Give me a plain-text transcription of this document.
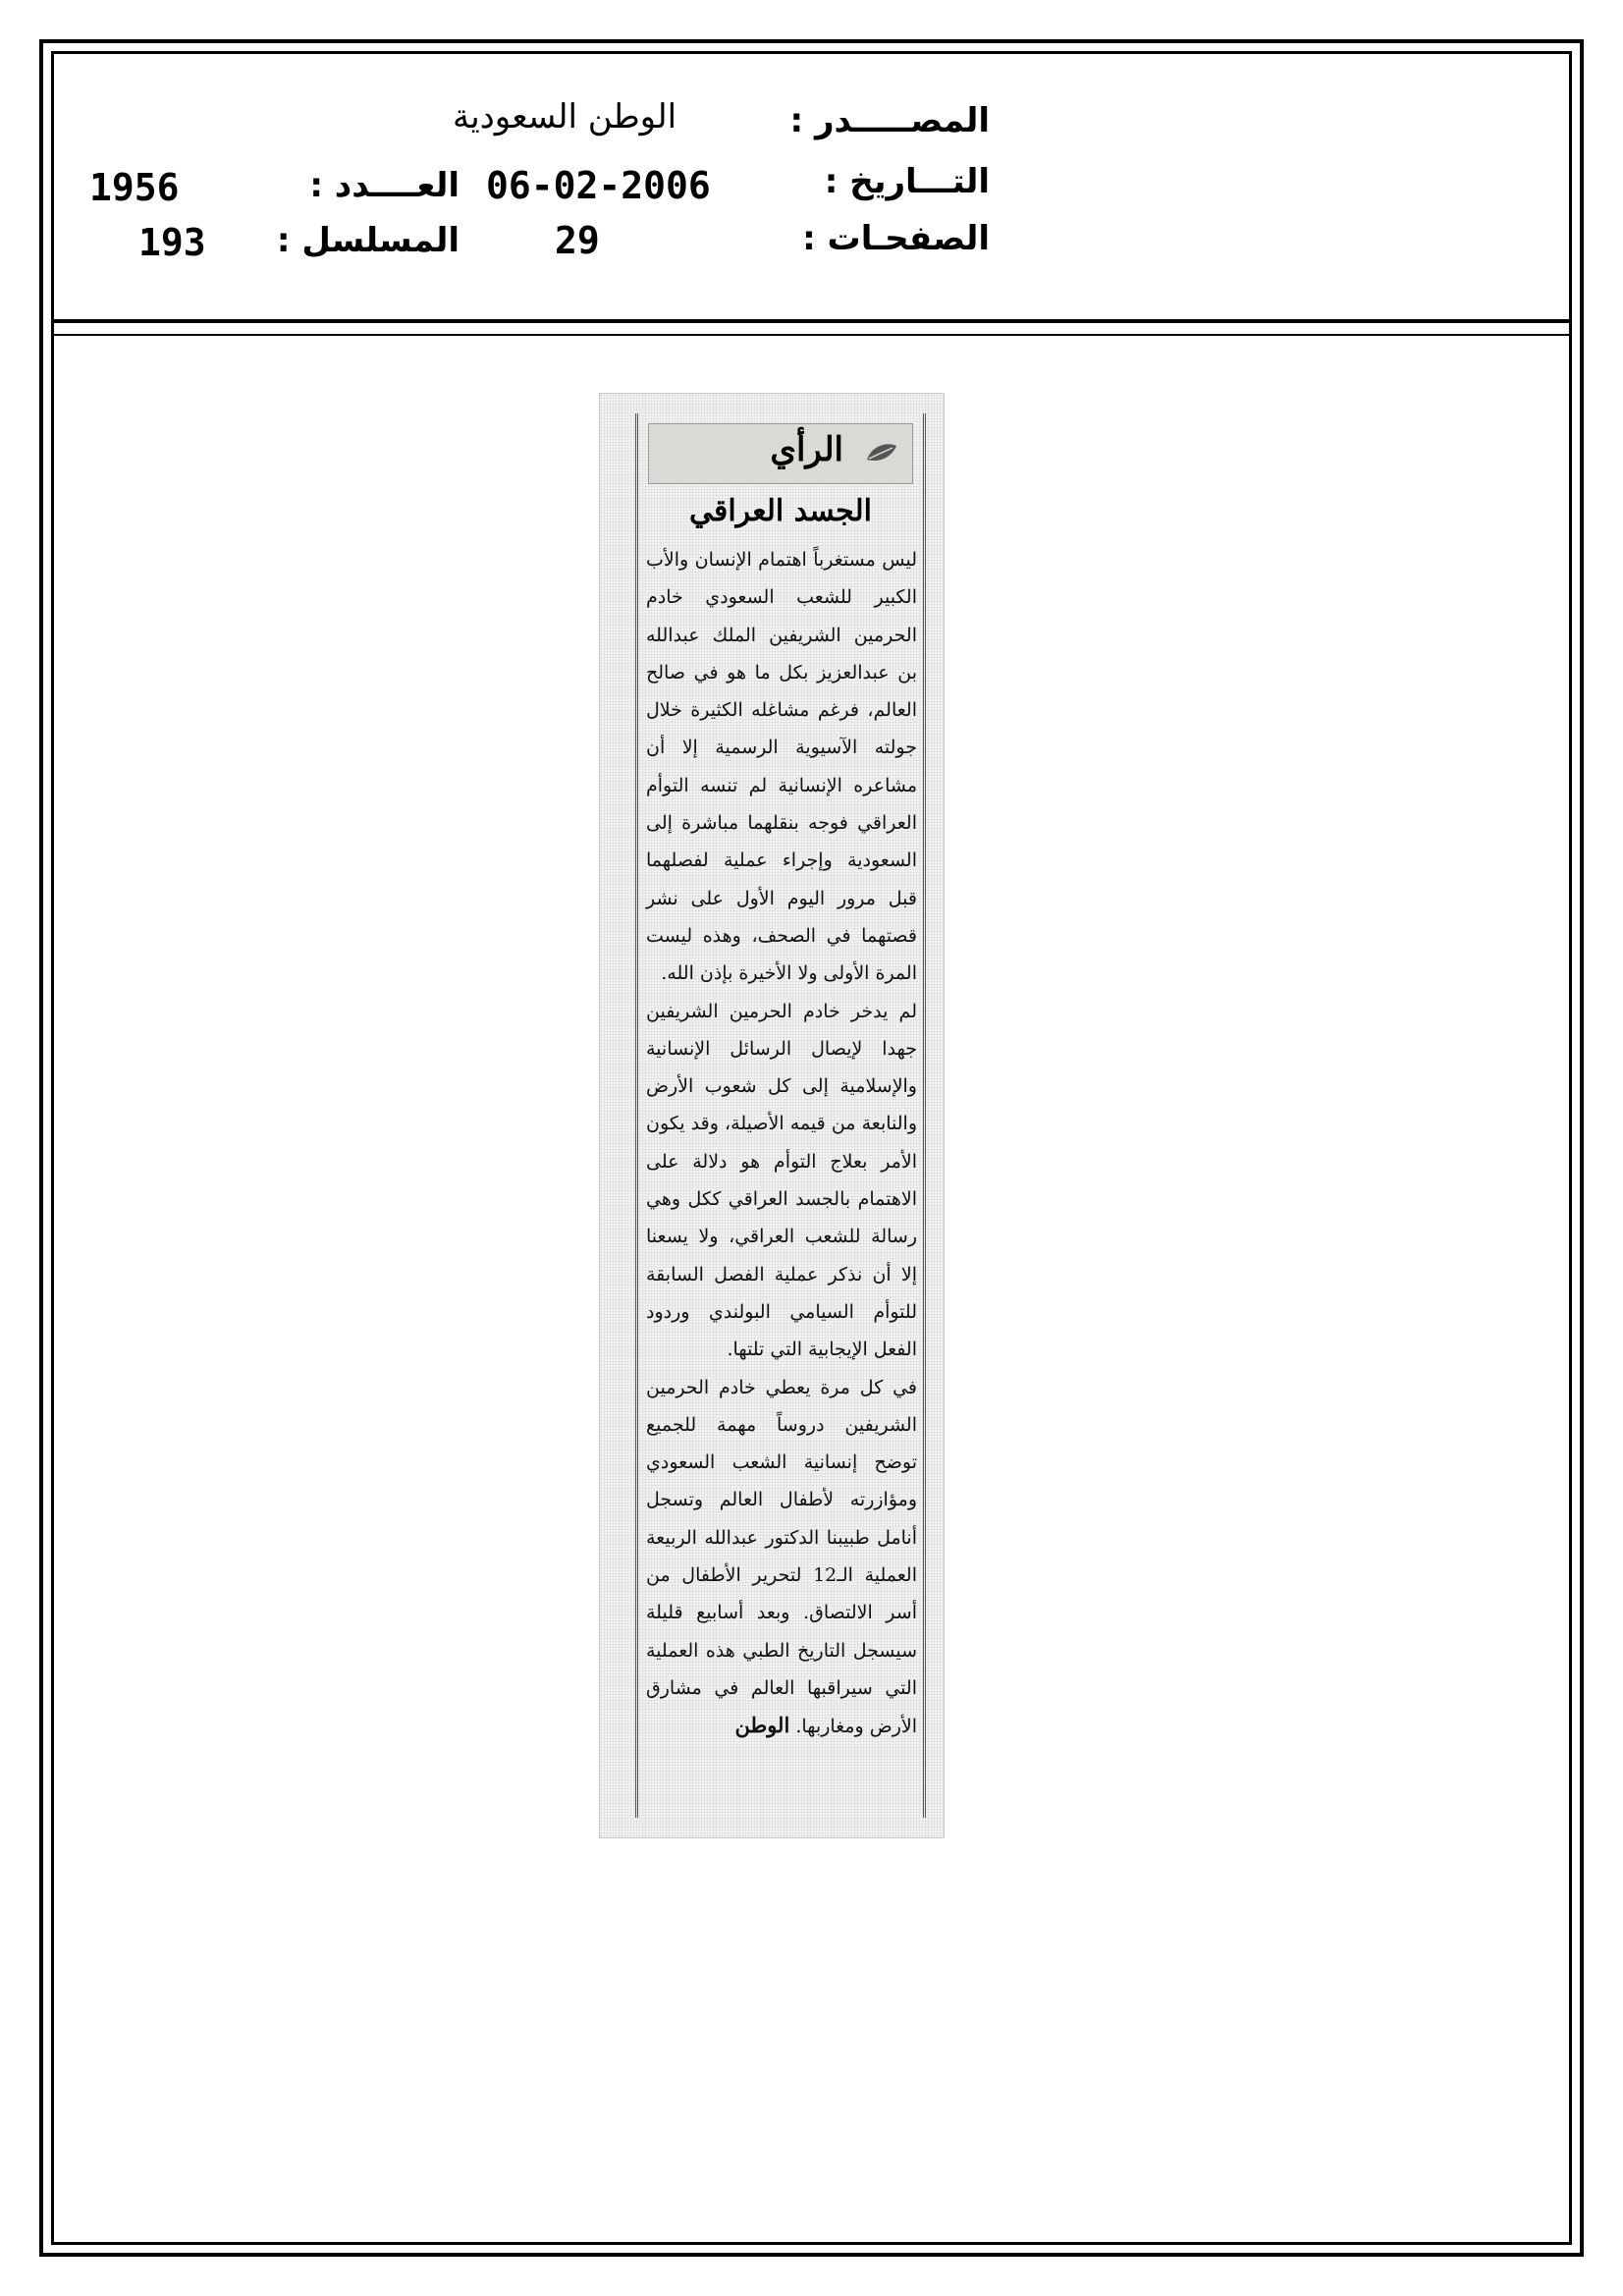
المصـــــدر :
الوطن السعودية
التـــاريخ :
06-02-2006
الصفحـات :
29
العــــدد :
1956
المسلسل :
193
الرأي
الجسد العراقي

ليس مستغرباً اهتمام الإنسان والأب الكبير للشعب السعودي خادم الحرمين الشريفين الملك عبدالله بن عبدالعزيز بكل ما هو في صالح العالم، فرغم مشاغله الكثيرة خلال جولته الآسيوية الرسمية إلا أن مشاعره الإنسانية لم تنسه التوأم العراقي فوجه بنقلهما مباشرة إلى السعودية وإجراء عملية لفصلهما قبل مرور اليوم الأول على نشر قصتهما في الصحف، وهذه ليست المرة الأولى ولا الأخيرة بإذن الله.

لم يدخر خادم الحرمين الشريفين جهدا لإيصال الرسائل الإنسانية والإسلامية إلى كل شعوب الأرض والنابعة من قيمه الأصيلة، وقد يكون الأمر بعلاج التوأم هو دلالة على الاهتمام بالجسد العراقي ككل وهي رسالة للشعب العراقي، ولا يسعنا إلا أن نذكر عملية الفصل السابقة للتوأم السيامي البولندي وردود الفعل الإيجابية التي تلتها.

في كل مرة يعطي خادم الحرمين الشريفين دروساً مهمة للجميع توضح إنسانية الشعب السعودي ومؤازرته لأطفال العالم وتسجل أنامل طبيبنا الدكتور عبدالله الربيعة العملية الـ12 لتحرير الأطفال من أسر الالتصاق. وبعد أسابيع قليلة سيسجل التاريخ الطبي هذه العملية التي سيراقبها العالم في مشارق الأرض ومغاربها. الوطن
